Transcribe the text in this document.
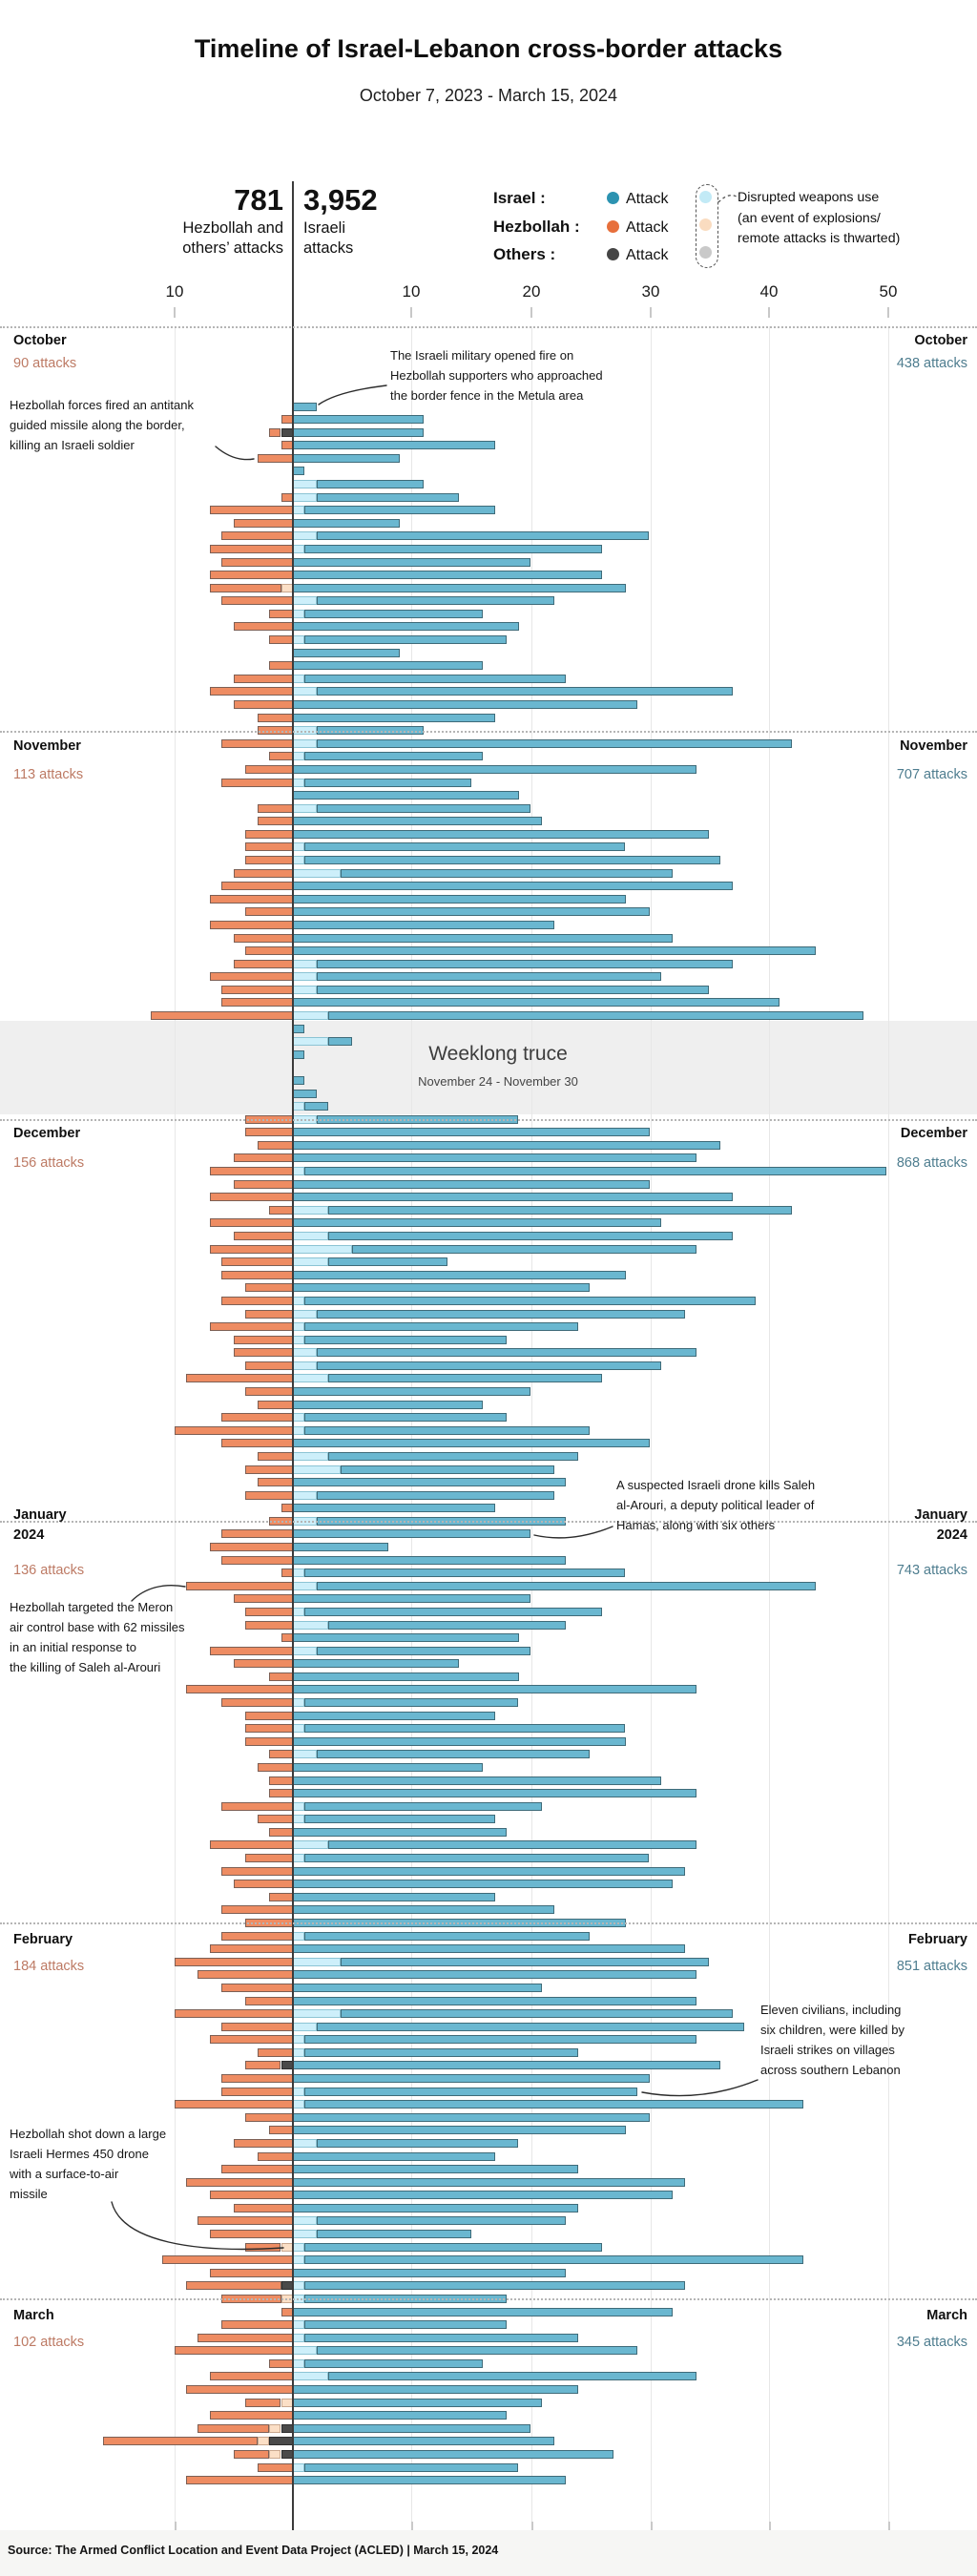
Timeline of Israel-Lebanon cross-border attacks
October 7, 2023 - March 15, 2024
781
Hezbollah and others’ attacks
3,952
Israeli attacks
Israel :	Attack
Hezbollah :	Attack
Others :	Attack
Disrupted weapons use
(an event of explosions/
remote attacks is thwarted)
10	10	20	30	40	50
Weeklong truce
November 24 - November 30
October
90 attacks
October
438 attacks
November
113 attacks
November
707 attacks
December
156 attacks
December
868 attacks
January
2024
136 attacks
January
2024
743 attacks
February
184 attacks
February
851 attacks
March
102 attacks
March
345 attacks
The Israeli military opened fire on
Hezbollah supporters who approached
the border fence in the Metula area
Hezbollah forces fired an antitank
guided missile along the border,
killing an Israeli soldier
A suspected Israeli drone kills Saleh
al-Arouri, a deputy political leader of
Hamas, along with six others
Hezbollah targeted the Meron
air control base with 62 missiles
in an initial response to
the killing of Saleh al-Arouri
Eleven civilians, including
six children, were killed by
Israeli strikes on villages
across southern Lebanon
Hezbollah shot down a large
Israeli Hermes 450 drone
with a surface-to-air
missile
Source: The Armed Conflict Location and Event Data Project (ACLED) | March 15, 2024
